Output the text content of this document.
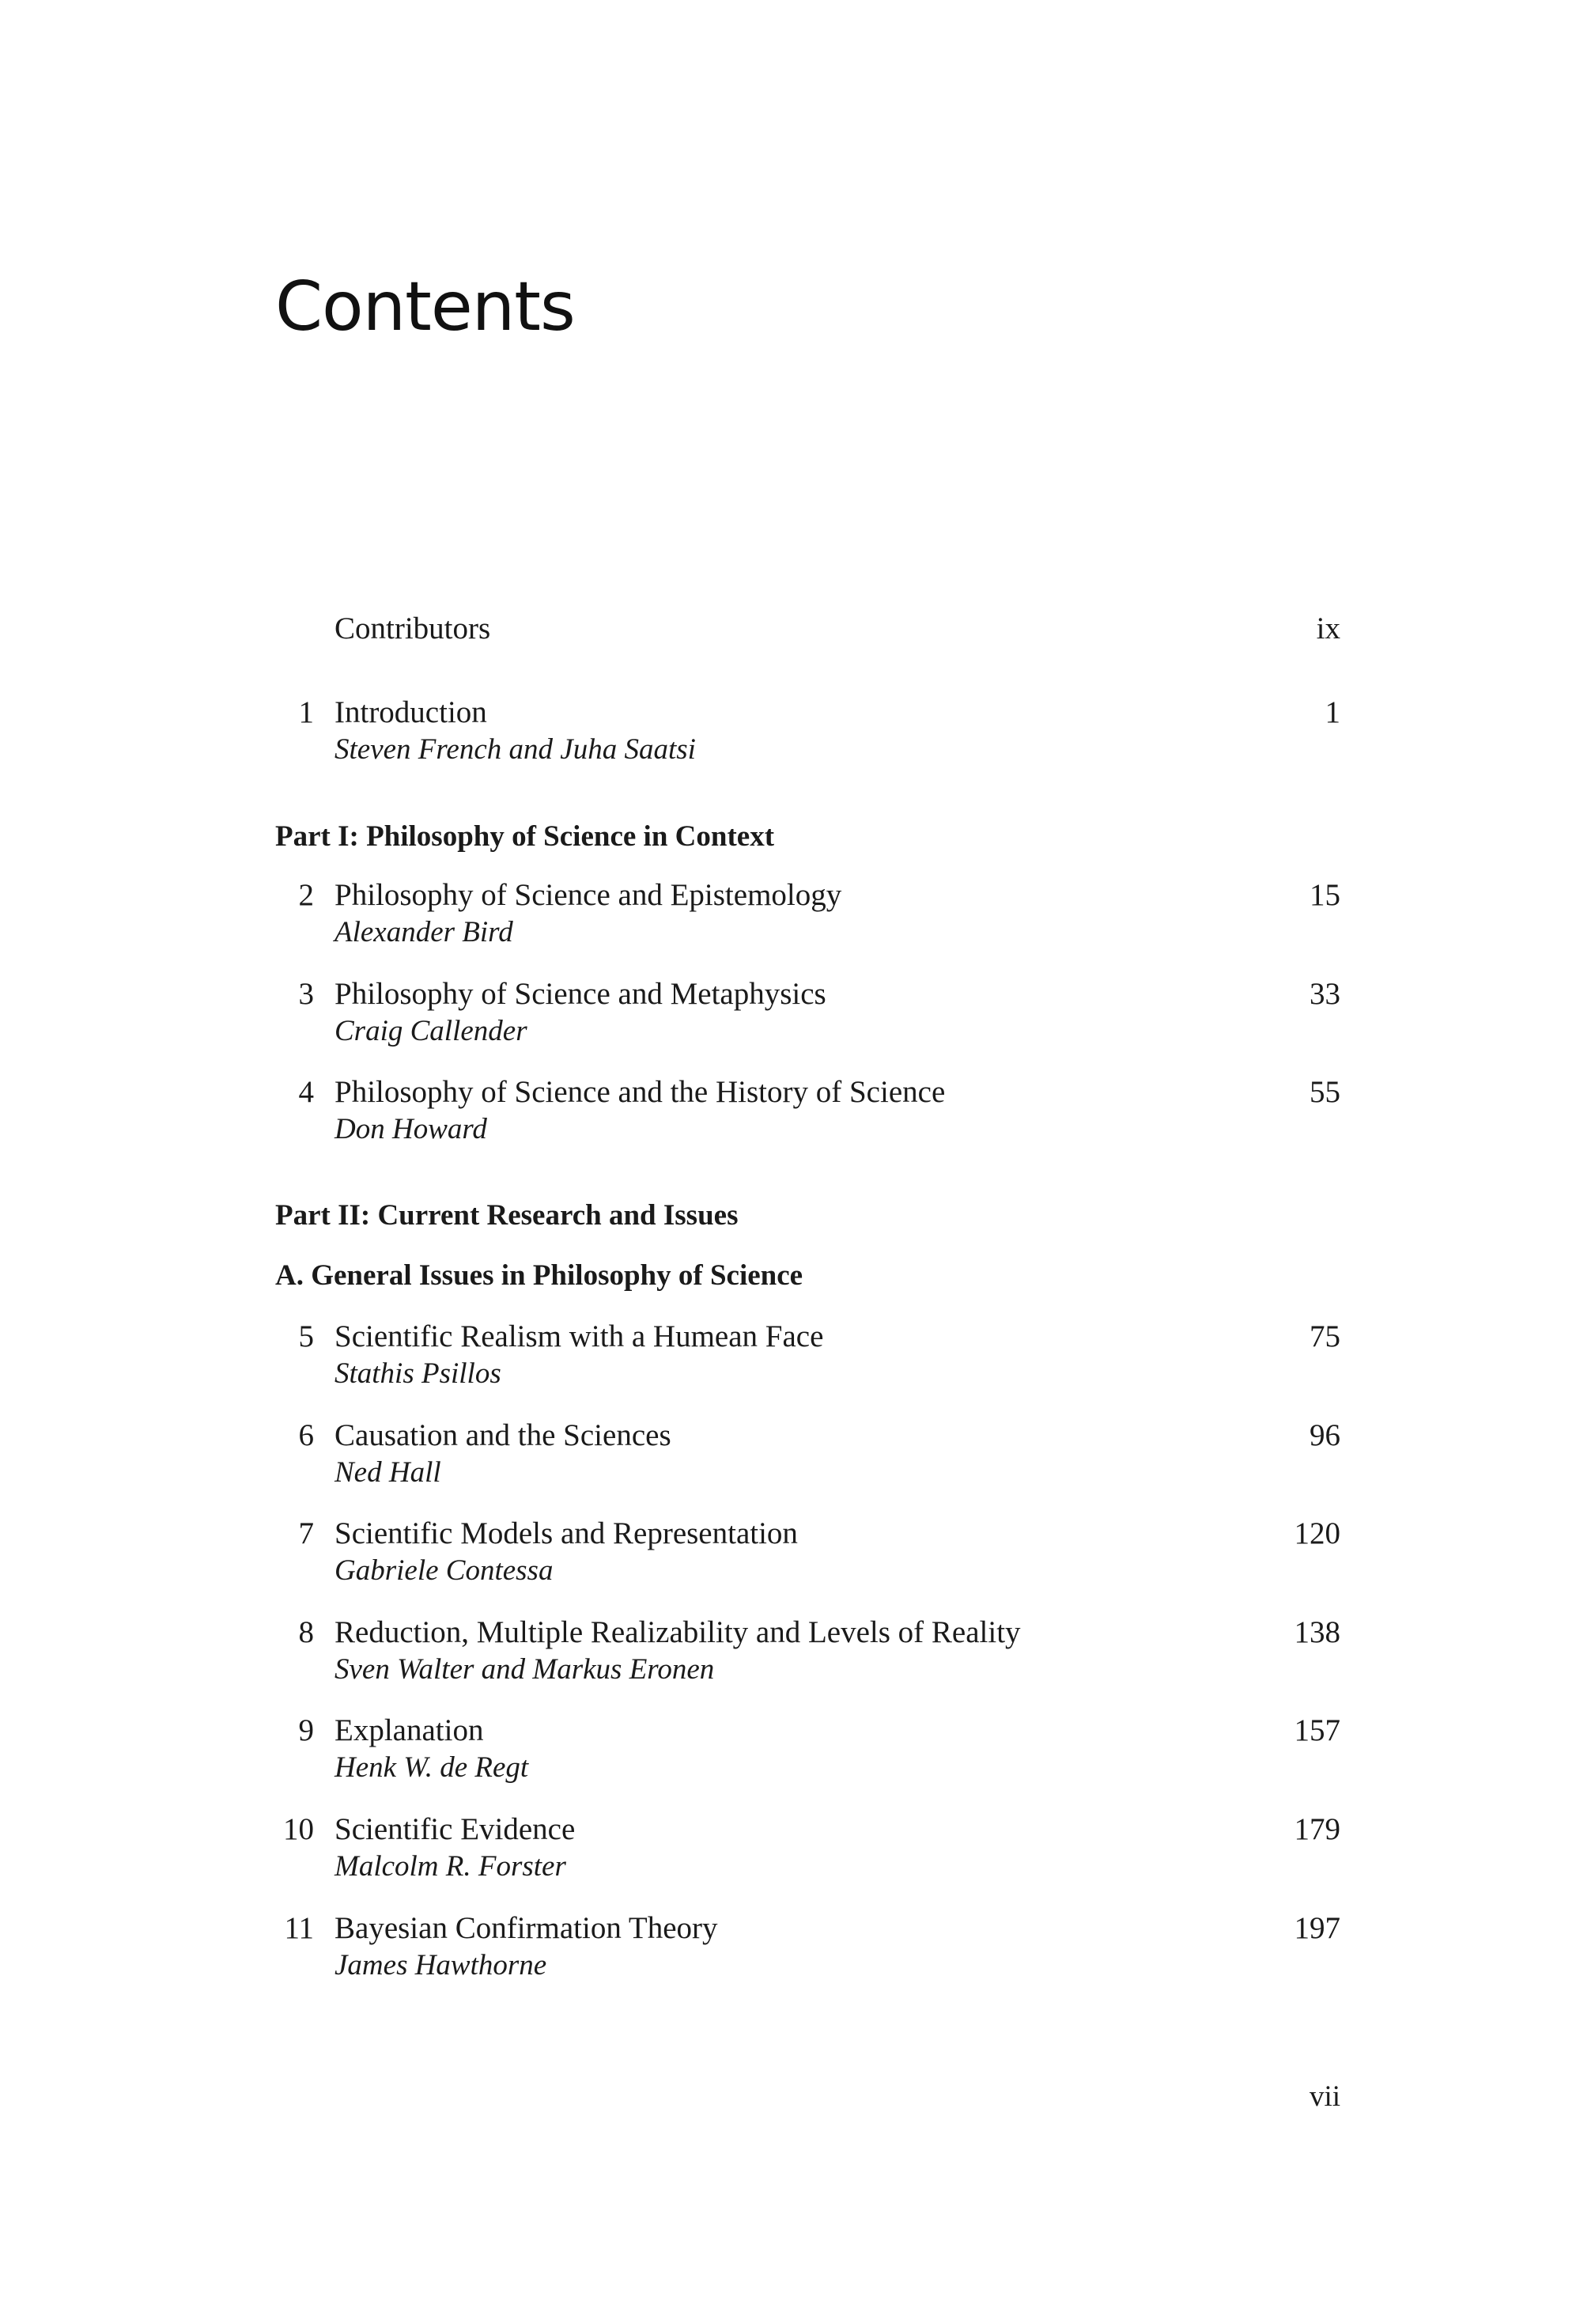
Contents
Contributors	ix
1 Introduction	1
Steven French and Juha Saatsi
Part I: Philosophy of Science in Context
2 Philosophy of Science and Epistemology	15
Alexander Bird
3 Philosophy of Science and Metaphysics	33
Craig Callender
4 Philosophy of Science and the History of Science	55
Don Howard
Part II: Current Research and Issues
A. General Issues in Philosophy of Science
5 Scientific Realism with a Humean Face	75
Stathis Psillos
6 Causation and the Sciences	96
Ned Hall
7 Scientific Models and Representation	120
Gabriele Contessa
8 Reduction, Multiple Realizability and Levels of Reality	138
Sven Walter and Markus Eronen
9 Explanation	157
Henk W. de Regt
10 Scientific Evidence	179
Malcolm R. Forster
11 Bayesian Confirmation Theory	197
James Hawthorne
vii
